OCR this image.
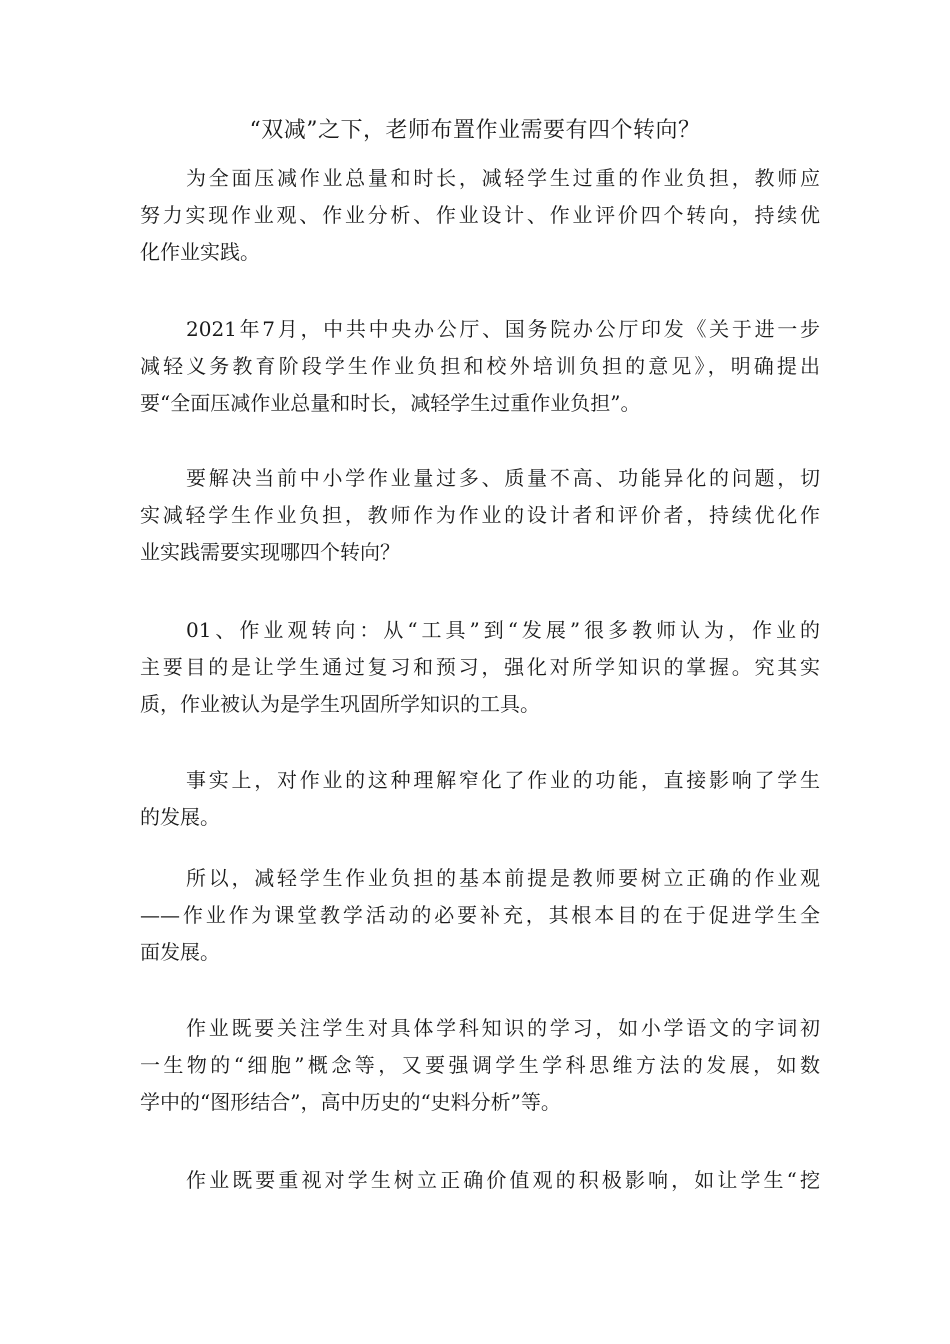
“双减”之下，老师布置作业需要有四个转向？
为全面压减作业总量和时长，减轻学生过重的作业负担，教师应
努力实现作业观、作业分析、作业设计、作业评价四个转向，持续优
化作业实践。
2021年7月，中共中央办公厅、国务院办公厅印发《关于进一步
减轻义务教育阶段学生作业负担和校外培训负担的意见》，明确提出
要“全面压减作业总量和时长，减轻学生过重作业负担”。
要解决当前中小学作业量过多、质量不高、功能异化的问题，切
实减轻学生作业负担，教师作为作业的设计者和评价者，持续优化作
业实践需要实现哪四个转向？
01、作业观转向：从“工具”到“发展”很多教师认为，作业的
主要目的是让学生通过复习和预习，强化对所学知识的掌握。究其实
质，作业被认为是学生巩固所学知识的工具。
事实上，对作业的这种理解窄化了作业的功能，直接影响了学生
的发展。
所以，减轻学生作业负担的基本前提是教师要树立正确的作业观
——作业作为课堂教学活动的必要补充，其根本目的在于促进学生全
面发展。
作业既要关注学生对具体学科知识的学习，如小学语文的字词初
一生物的“细胞”概念等，又要强调学生学科思维方法的发展，如数
学中的“图形结合”，高中历史的“史料分析”等。
作业既要重视对学生树立正确价值观的积极影响，如让学生“挖
